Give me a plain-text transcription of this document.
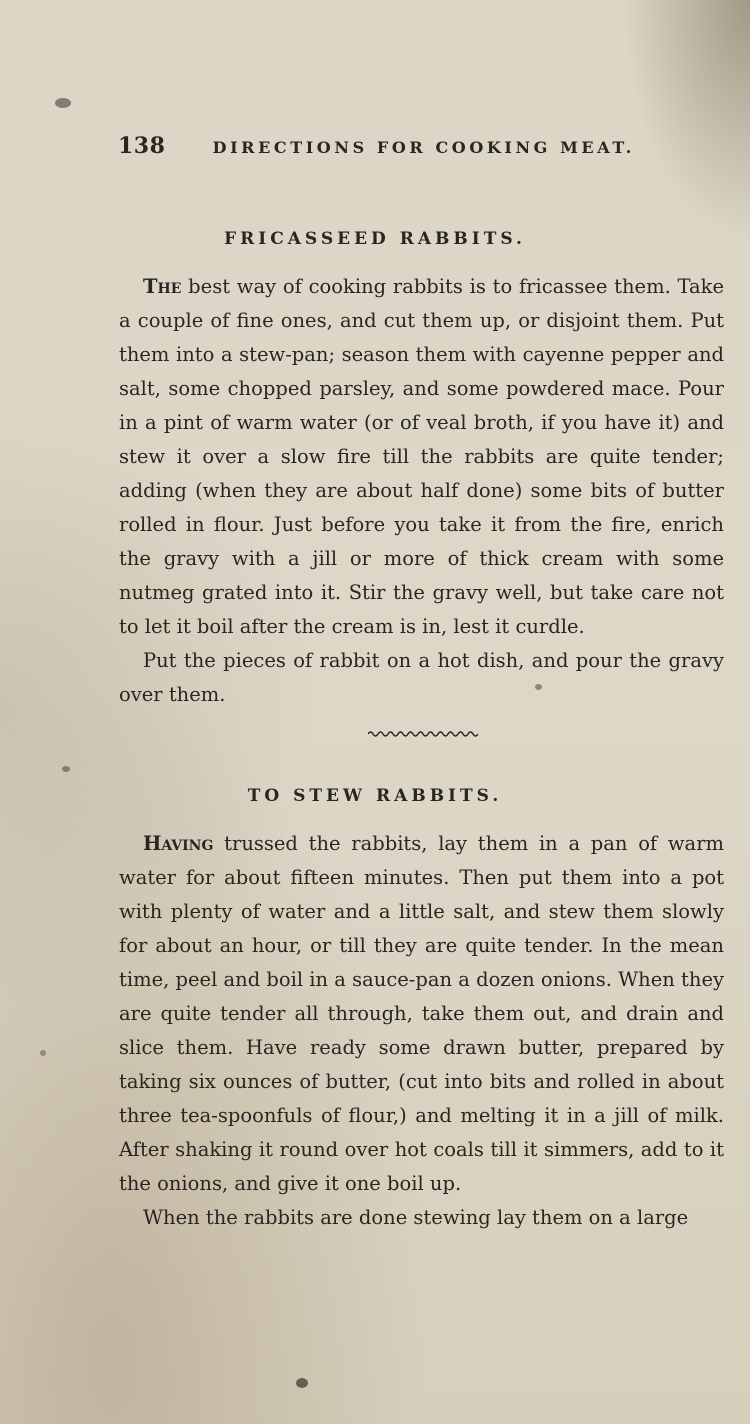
138	DIRECTIONS FOR COOKING MEAT.
FRICASSEED RABBITS.

The best way of cooking rabbits is to fricassee them. Take a couple of fine ones, and cut them up, or disjoint them. Put them into a stew-pan; season them with cayenne pepper and salt, some chopped parsley, and some powdered mace. Pour in a pint of warm water (or of veal broth, if you have it) and stew it over a slow fire till the rabbits are quite tender; adding (when they are about half done) some bits of butter rolled in flour. Just before you take it from the fire, enrich the gravy with a jill or more of thick cream with some nutmeg grated into it. Stir the gravy well, but take care not to let it boil after the cream is in, lest it curdle.

Put the pieces of rabbit on a hot dish, and pour the gravy over them.

TO STEW RABBITS.

Having trussed the rabbits, lay them in a pan of warm water for about fifteen minutes. Then put them into a pot with plenty of water and a little salt, and stew them slowly for about an hour, or till they are quite tender. In the mean time, peel and boil in a sauce-pan a dozen onions. When they are quite tender all through, take them out, and drain and slice them. Have ready some drawn butter, prepared by taking six ounces of butter, (cut into bits and rolled in about three tea-spoonfuls of flour,) and melting it in a jill of milk. After shaking it round over hot coals till it simmers, add to it the onions, and give it one boil up.

When the rabbits are done stewing lay them on a large
